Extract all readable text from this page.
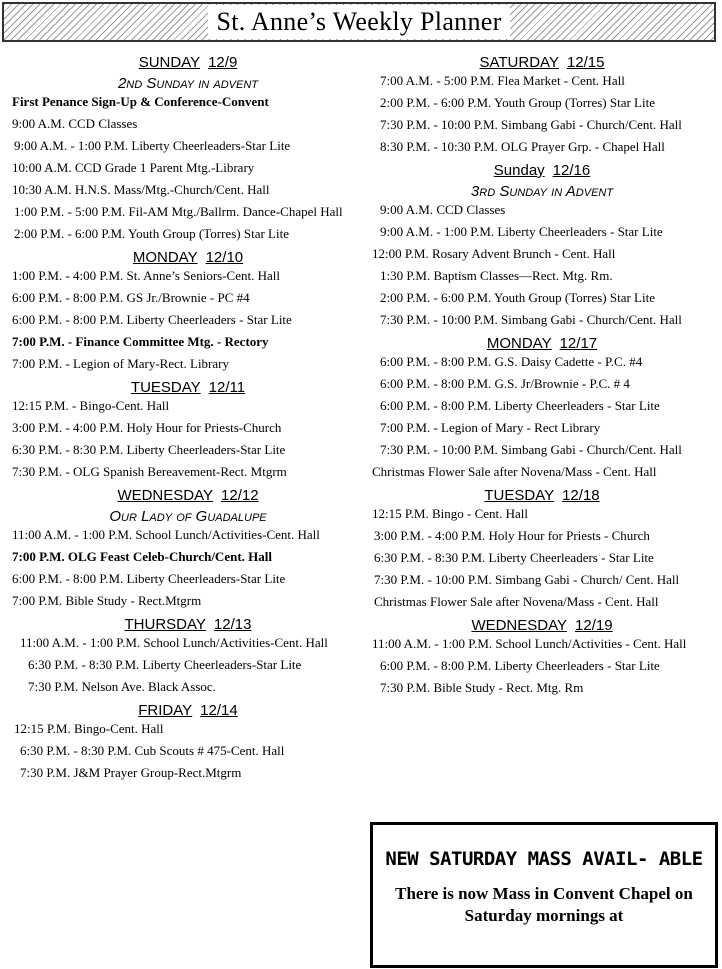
St. Anne’s Weekly Planner
SUNDAY 12/9
2nd Sunday in advent
First Penance Sign-Up & Conference-Convent
9:00 A.M. CCD Classes
9:00 A.M. - 1:00 P.M. Liberty Cheerleaders-Star Lite
10:00 A.M. CCD Grade 1 Parent Mtg.-Library
10:30 A.M. H.N.S. Mass/Mtg.-Church/Cent. Hall
1:00 P.M. - 5:00 P.M. Fil-AM Mtg./Ballrm. Dance-Chapel Hall
2:00 P.M. - 6:00 P.M. Youth Group (Torres) Star Lite
MONDAY 12/10
1:00 P.M. - 4:00 P.M. St. Anne’s Seniors-Cent. Hall
6:00 P.M. - 8:00 P.M. GS Jr./Brownie - PC #4
6:00 P.M. - 8:00 P.M. Liberty Cheerleaders - Star Lite
7:00 P.M. - Finance Committee Mtg. - Rectory
7:00 P.M. - Legion of Mary-Rect. Library
TUESDAY 12/11
12:15 P.M. - Bingo-Cent. Hall
3:00 P.M. - 4:00 P.M. Holy Hour for Priests-Church
6:30 P.M. - 8:30 P.M. Liberty Cheerleaders-Star Lite
7:30 P.M. - OLG Spanish Bereavement-Rect. Mtgrm
WEDNESDAY 12/12
Our Lady of Guadalupe
11:00 A.M. - 1:00 P.M. School Lunch/Activities-Cent. Hall
7:00 P.M. OLG Feast Celeb-Church/Cent. Hall
6:00 P.M. - 8:00 P.M. Liberty Cheerleaders-Star Lite
7:00 P.M. Bible Study - Rect.Mtgrm
THURSDAY 12/13
11:00 A.M. - 1:00 P.M. School Lunch/Activities-Cent. Hall
6:30 P.M. - 8:30 P.M. Liberty Cheerleaders-Star Lite
7:30 P.M. Nelson Ave. Black Assoc.
FRIDAY 12/14
12:15 P.M. Bingo-Cent. Hall
6:30 P.M. - 8:30 P.M. Cub Scouts # 475-Cent. Hall
7:30 P.M. J&M Prayer Group-Rect.Mtgrm
SATURDAY 12/15
7:00 A.M. - 5:00 P.M. Flea Market - Cent. Hall
2:00 P.M. - 6:00 P.M. Youth Group (Torres) Star Lite
7:30 P.M. - 10:00 P.M. Simbang Gabi - Church/Cent. Hall
8:30 P.M. - 10:30 P.M. OLG Prayer Grp. - Chapel Hall
Sunday 12/16
3rd Sunday in Advent
9:00 A.M. CCD Classes
9:00 A.M. - 1:00 P.M. Liberty Cheerleaders - Star Lite
12:00 P.M. Rosary Advent Brunch - Cent. Hall
1:30 P.M. Baptism Classes—Rect. Mtg. Rm.
2:00 P.M. - 6:00 P.M. Youth Group (Torres) Star Lite
7:30 P.M. - 10:00 P.M. Simbang Gabi - Church/Cent. Hall
MONDAY 12/17
6:00 P.M. - 8:00 P.M. G.S. Daisy Cadette - P.C. #4
6:00 P.M. - 8:00 P.M. G.S. Jr/Brownie - P.C. # 4
6:00 P.M. - 8:00 P.M. Liberty Cheerleaders - Star Lite
7:00 P.M. - Legion of Mary - Rect Library
7:30 P.M. - 10:00 P.M. Simbang Gabi - Church/Cent. Hall
Christmas Flower Sale after Novena/Mass - Cent. Hall
TUESDAY 12/18
12:15 P.M. Bingo - Cent. Hall
3:00 P.M. - 4:00 P.M. Holy Hour for Priests - Church
6:30 P.M. - 8:30 P.M. Liberty Cheerleaders - Star Lite
7:30 P.M. - 10:00 P.M. Simbang Gabi - Church/ Cent. Hall
Christmas Flower Sale after Novena/Mass - Cent. Hall
WEDNESDAY 12/19
11:00 A.M. - 1:00 P.M. School Lunch/Activities - Cent. Hall
6:00 P.M. - 8:00 P.M. Liberty Cheerleaders - Star Lite
7:30 P.M. Bible Study - Rect. Mtg. Rm
NEW SATURDAY MASS AVAIL- ABLE
There is now Mass in Convent Chapel on Saturday mornings at
